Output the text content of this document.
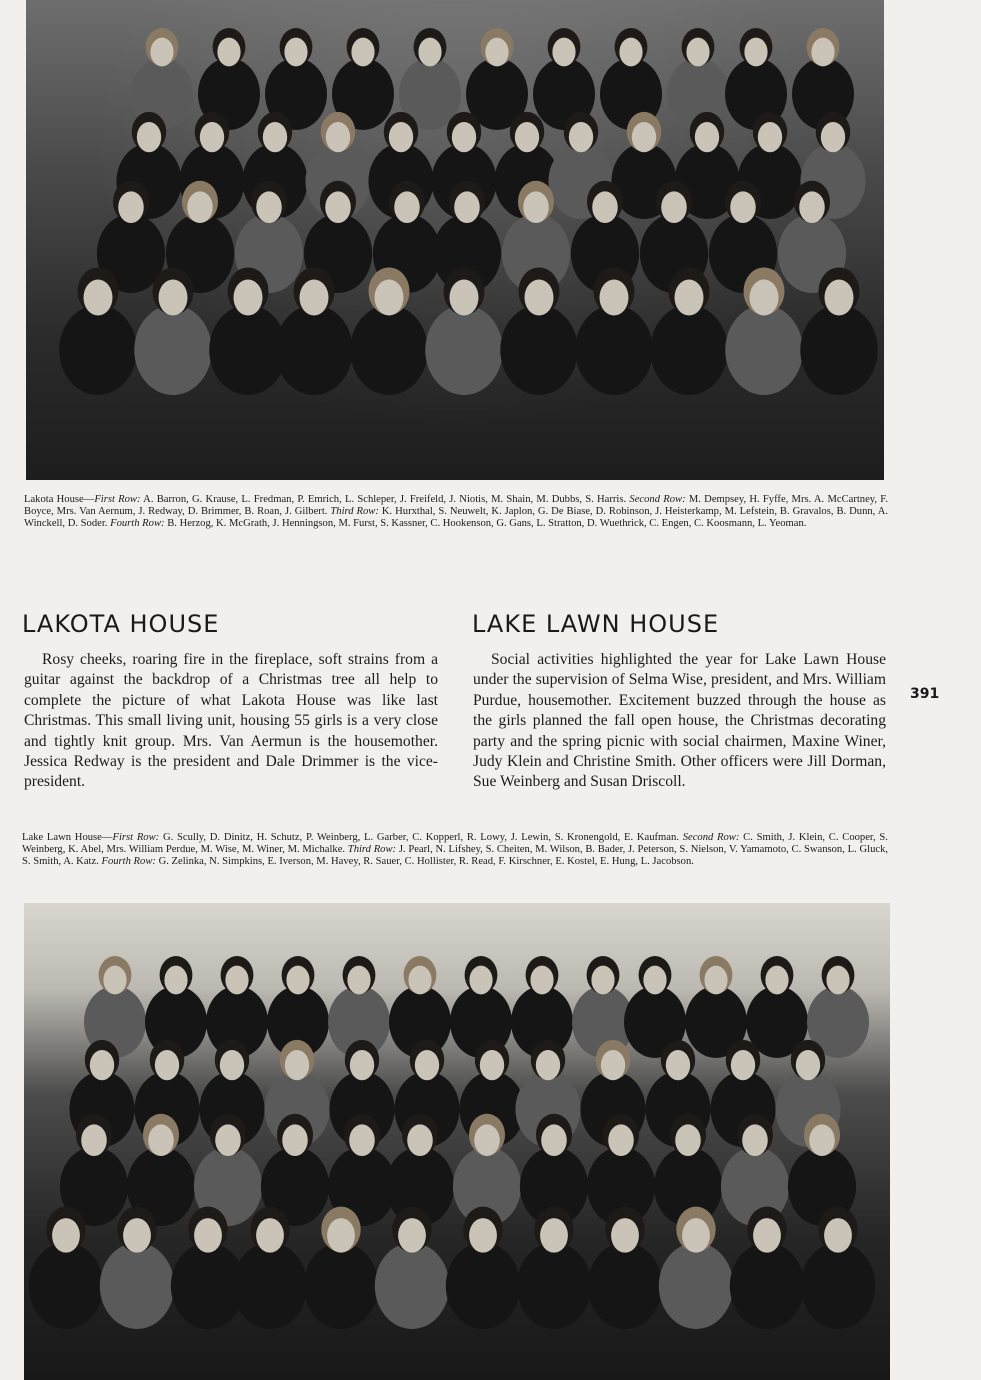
Lakota House—First Row: A. Barron, G. Krause, L. Fredman, P. Emrich, L. Schleper, J. Freifeld, J. Niotis, M. Shain, M. Dubbs, S. Harris. Second Row: M. Dempsey, H. Fyffe, Mrs. A. McCartney, F. Boyce, Mrs. Van Aernum, J. Redway, D. Brimmer, B. Roan, J. Gilbert. Third Row: K. Hurxthal, S. Neuwelt, K. Japlon, G. De Biase, D. Robinson, J. Heisterkamp, M. Lefstein, B. Gravalos, B. Dunn, A. Winckell, D. Soder. Fourth Row: B. Herzog, K. McGrath, J. Henningson, M. Furst, S. Kassner, C. Hookenson, G. Gans, L. Stratton, D. Wuethrick, C. Engen, C. Koosmann, L. Yeoman.

LAKOTA HOUSE	LAKE LAWN HOUSE

Rosy cheeks, roaring fire in the fireplace, soft strains from a guitar against the backdrop of a Christmas tree all help to complete the picture of what Lakota House was like last Christmas. This small living unit, housing 55 girls is a very close and tightly knit group. Mrs. Van Aermun is the housemother. Jessica Redway is the president and Dale Drimmer is the vice-president.

Social activities highlighted the year for Lake Lawn House under the supervision of Selma Wise, president, and Mrs. William Purdue, housemother. Excitement buzzed through the house as the girls planned the fall open house, the Christmas decorating party and the spring picnic with social chairmen, Maxine Winer, Judy Klein and Christine Smith. Other officers were Jill Dorman, Sue Weinberg and Susan Driscoll.

391

Lake Lawn House—First Row: G. Scully, D. Dinitz, H. Schutz, P. Weinberg, L. Garber, C. Kopperl, R. Lowy, J. Lewin, S. Kronengold, E. Kaufman. Second Row: C. Smith, J. Klein, C. Cooper, S. Weinberg, K. Abel, Mrs. William Perdue, M. Wise, M. Winer, M. Michalke. Third Row: J. Pearl, N. Lifshey, S. Cheiten, M. Wilson, B. Bader, J. Peterson, S. Nielson, V. Yamamoto, C. Swanson, L. Gluck, S. Smith, A. Katz. Fourth Row: G. Zelinka, N. Simpkins, E. Iverson, M. Havey, R. Sauer, C. Hollister, R. Read, F. Kirschner, E. Kostel, E. Hung, L. Jacobson.
